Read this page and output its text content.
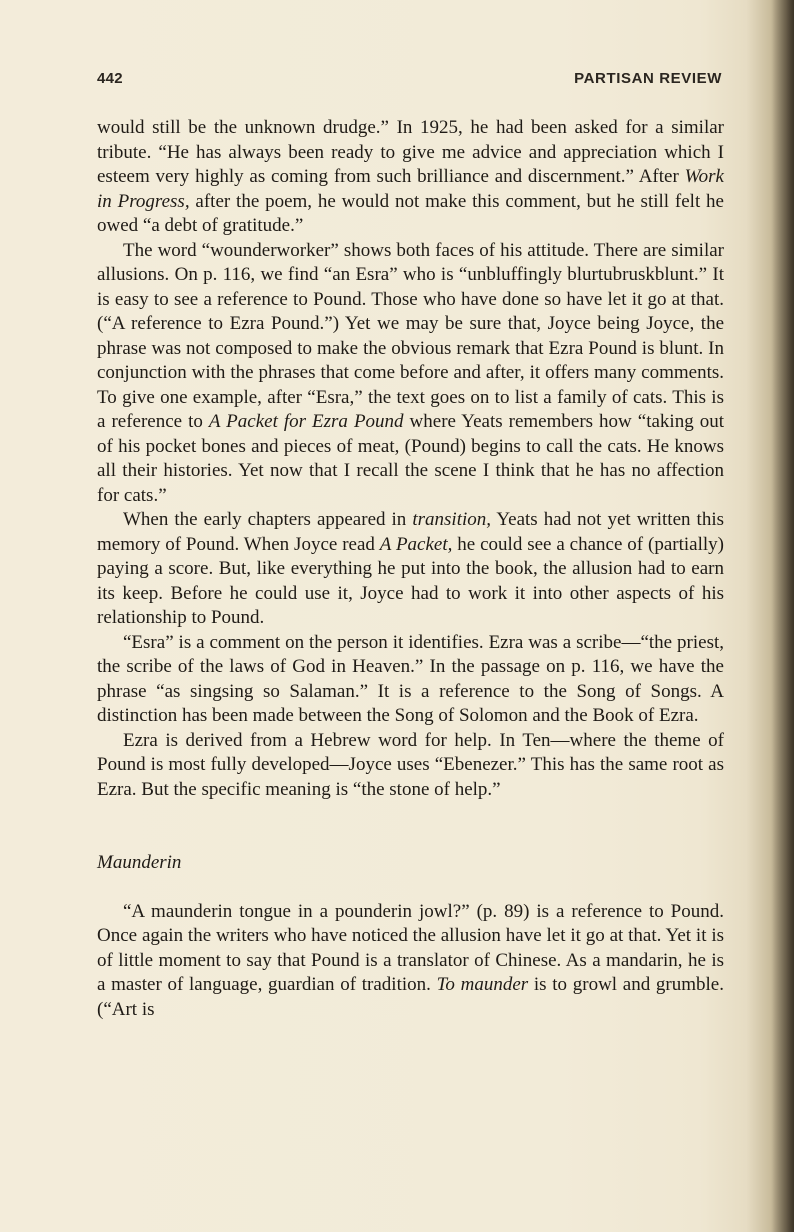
442	PARTISAN REVIEW

would still be the unknown drudge.” In 1925, he had been asked for a similar tribute. “He has always been ready to give me advice and appreciation which I esteem very highly as coming from such brilliance and discernment.” After Work in Progress, after the poem, he would not make this comment, but he still felt he owed “a debt of gratitude.”

The word “wounderworker” shows both faces of his attitude. There are similar allusions. On p. 116, we find “an Esra” who is “unbluffingly blurtubruskblunt.” It is easy to see a reference to Pound. Those who have done so have let it go at that. (“A reference to Ezra Pound.”) Yet we may be sure that, Joyce being Joyce, the phrase was not composed to make the obvious remark that Ezra Pound is blunt. In conjunction with the phrases that come before and after, it offers many comments. To give one example, after “Esra,” the text goes on to list a family of cats. This is a reference to A Packet for Ezra Pound where Yeats remembers how “taking out of his pocket bones and pieces of meat, (Pound) begins to call the cats. He knows all their histories. Yet now that I recall the scene I think that he has no affection for cats.”

When the early chapters appeared in transition, Yeats had not yet written this memory of Pound. When Joyce read A Packet, he could see a chance of (partially) paying a score. But, like everything he put into the book, the allusion had to earn its keep. Before he could use it, Joyce had to work it into other aspects of his relationship to Pound.

“Esra” is a comment on the person it identifies. Ezra was a scribe—“the priest, the scribe of the laws of God in Heaven.” In the passage on p. 116, we have the phrase “as singsing so Salaman.” It is a reference to the Song of Songs. A distinction has been made between the Song of Solomon and the Book of Ezra.

Ezra is derived from a Hebrew word for help. In Ten—where the theme of Pound is most fully developed—Joyce uses “Ebenezer.” This has the same root as Ezra. But the specific meaning is “the stone of help.”

Maunderin

“A maunderin tongue in a pounderin jowl?” (p. 89) is a reference to Pound. Once again the writers who have noticed the allusion have let it go at that. Yet it is of little moment to say that Pound is a translator of Chinese. As a mandarin, he is a master of language, guardian of tradition. To maunder is to growl and grumble. (“Art is
